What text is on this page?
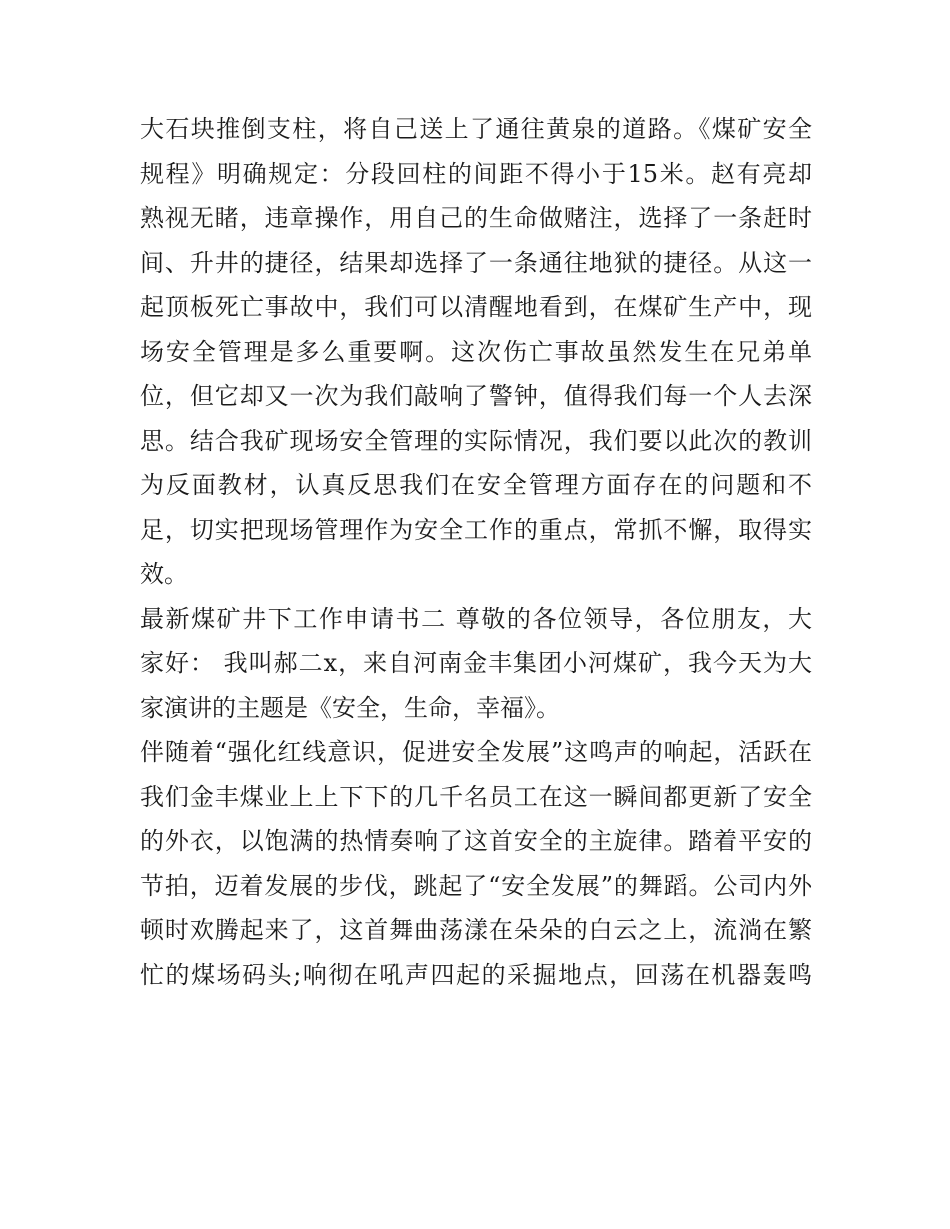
大石块推倒支柱，将自己送上了通往黄泉的道路。《煤矿安全
规程》明确规定：分段回柱的间距不得小于15米。赵有亮却
熟视无睹，违章操作，用自己的生命做赌注，选择了一条赶时
间、升井的捷径，结果却选择了一条通往地狱的捷径。从这一
起顶板死亡事故中，我们可以清醒地看到，在煤矿生产中，现
场安全管理是多么重要啊。这次伤亡事故虽然发生在兄弟单
位，但它却又一次为我们敲响了警钟，值得我们每一个人去深
思。结合我矿现场安全管理的实际情况，我们要以此次的教训
为反面教材，认真反思我们在安全管理方面存在的问题和不
足，切实把现场管理作为安全工作的重点，常抓不懈，取得实
效。
最新煤矿井下工作申请书二 尊敬的各位领导，各位朋友，大
家好： 我叫郝二x，来自河南金丰集团小河煤矿，我今天为大
家演讲的主题是《安全，生命，幸福》。
伴随着“强化红线意识，促进安全发展”这鸣声的响起，活跃在
我们金丰煤业上上下下的几千名员工在这一瞬间都更新了安全
的外衣，以饱满的热情奏响了这首安全的主旋律。踏着平安的
节拍，迈着发展的步伐，跳起了“安全发展”的舞蹈。公司内外
顿时欢腾起来了，这首舞曲荡漾在朵朵的白云之上，流淌在繁
忙的煤场码头;响彻在吼声四起的采掘地点，回荡在机器轰鸣
